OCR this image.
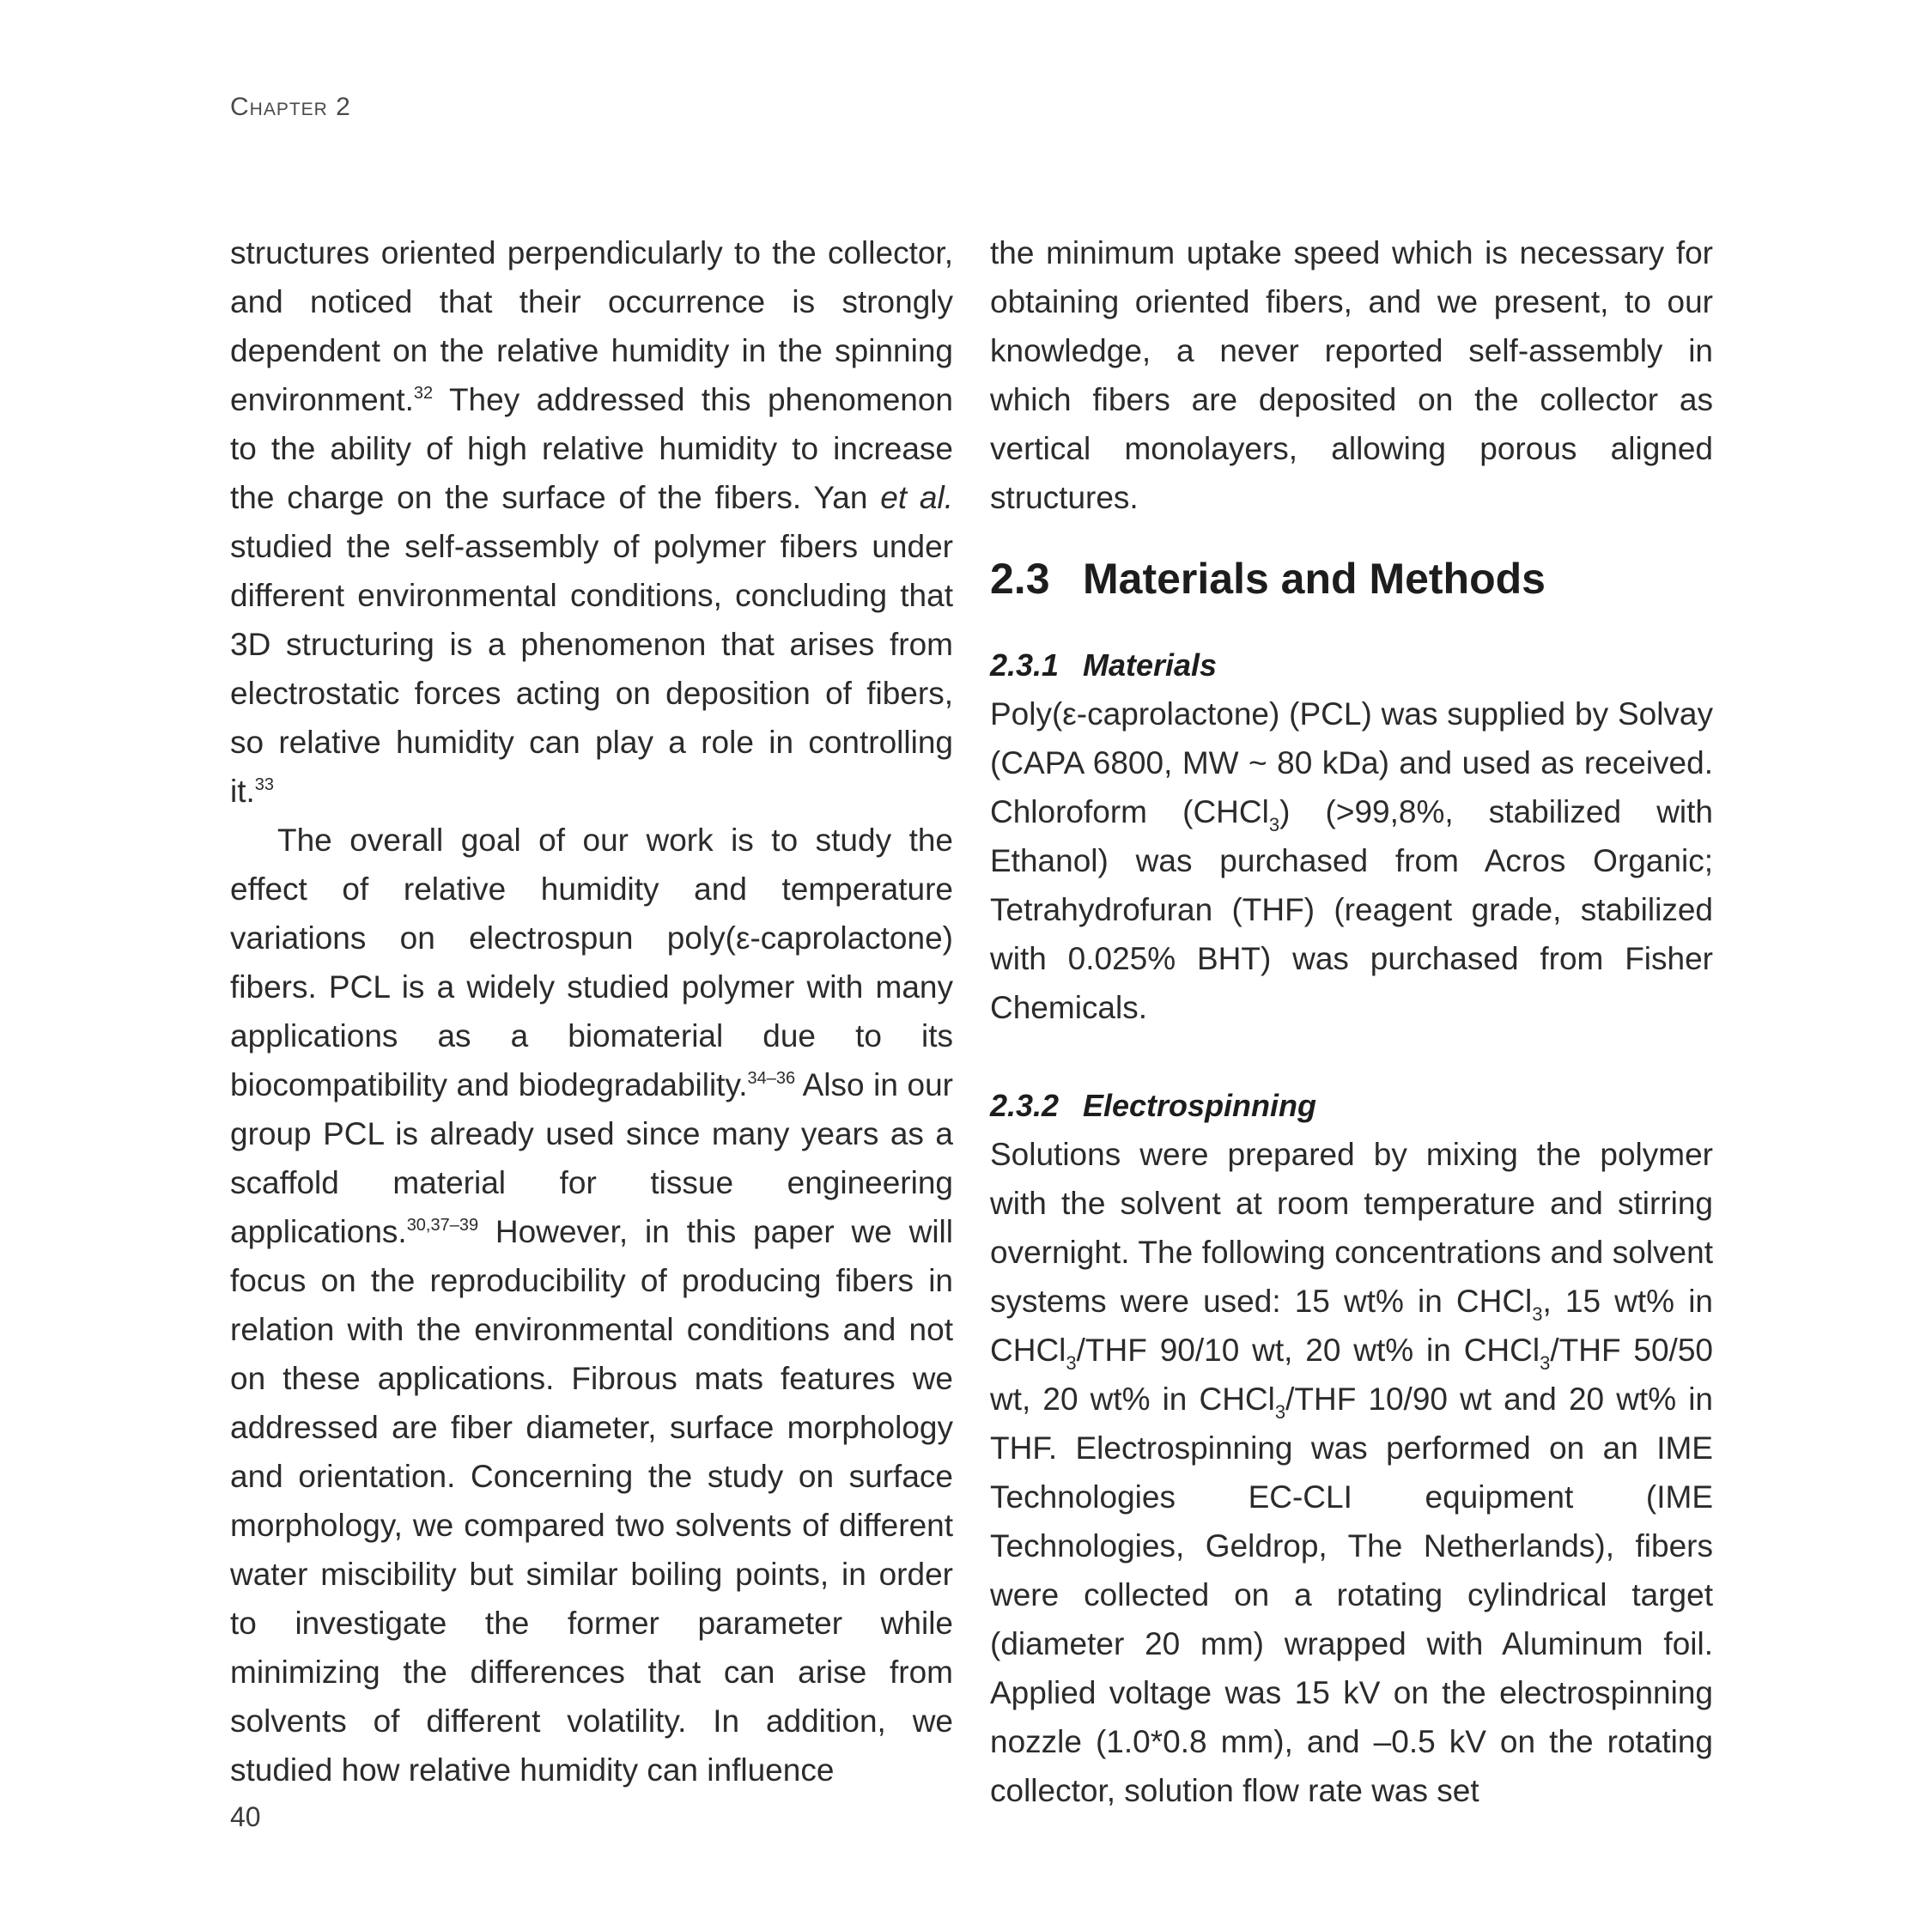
Chapter 2

structures oriented perpendicularly to the collector, and noticed that their occurrence is strongly dependent on the relative humidity in the spinning environment.$^{32}$ They addressed this phenomenon to the ability of high relative humidity to increase the charge on the surface of the fibers. Yan et al. studied the self-assembly of polymer fibers under different environmental conditions, concluding that 3D structuring is a phenomenon that arises from electrostatic forces acting on deposition of fibers, so relative humidity can play a role in controlling it.$^{33}$

The overall goal of our work is to study the effect of relative humidity and temperature variations on electrospun poly(ε-caprolactone) fibers. PCL is a widely studied polymer with many applications as a biomaterial due to its biocompatibility and biodegradability.$^{34-36}$ Also in our group PCL is already used since many years as a scaffold material for tissue engineering applications.$^{30,37-39}$ However, in this paper we will focus on the reproducibility of producing fibers in relation with the environmental conditions and not on these applications. Fibrous mats features we addressed are fiber diameter, surface morphology and orientation. Concerning the study on surface morphology, we compared two solvents of different water miscibility but similar boiling points, in order to investigate the former parameter while minimizing the differences that can arise from solvents of different volatility. In addition, we studied how relative humidity can influence

the minimum uptake speed which is necessary for obtaining oriented fibers, and we present, to our knowledge, a never reported self-assembly in which fibers are deposited on the collector as vertical monolayers, allowing porous aligned structures.

2.3 Materials and Methods
2.3.1 Materials

Poly(ε-caprolactone) (PCL) was supplied by Solvay (CAPA 6800, MW ~ 80 kDa) and used as received. Chloroform (CHCl$_3$) (>99,8%, stabilized with Ethanol) was purchased from Acros Organic; Tetrahydrofuran (THF) (reagent grade, stabilized with 0.025% BHT) was purchased from Fisher Chemicals.

2.3.2 Electrospinning

Solutions were prepared by mixing the polymer with the solvent at room temperature and stirring overnight. The following concentrations and solvent systems were used: 15 wt% in CHCl$_3$, 15 wt% in CHCl$_3$/THF 90/10 wt, 20 wt% in CHCl$_3$/THF 50/50 wt, 20 wt% in CHCl$_3$/THF 10/90 wt and 20 wt% in THF. Electrospinning was performed on an IME Technologies EC-CLI equipment (IME Technologies, Geldrop, The Netherlands), fibers were collected on a rotating cylindrical target (diameter 20 mm) wrapped with Aluminum foil. Applied voltage was 15 kV on the electrospinning nozzle (1.0*0.8 mm), and –0.5 kV on the rotating collector, solution flow rate was set

40
